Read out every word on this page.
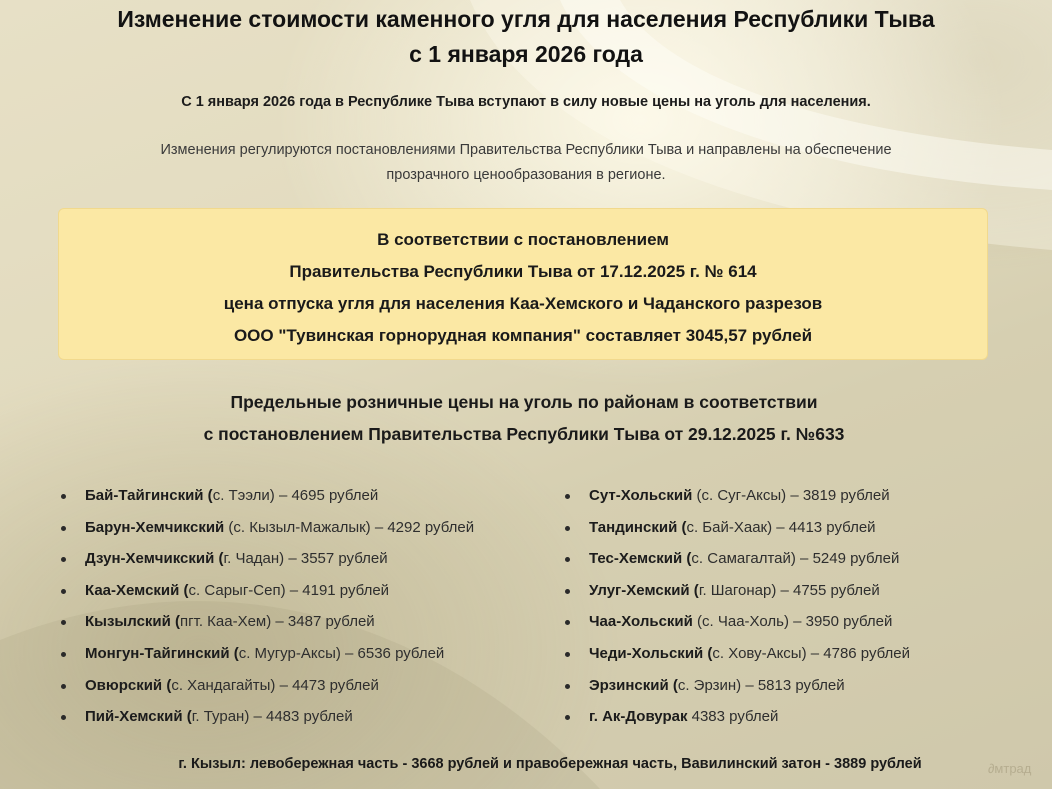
Изменение стоимости каменного угля для населения Республики Тыва
с 1 января 2026 года
С 1 января 2026 года в Республике Тыва вступают в силу новые цены на уголь для населения.
Изменения регулируются постановлениями Правительства Республики Тыва и направлены на обеспечение
прозрачного ценообразования в регионе.
В соответствии с постановлением
Правительства Республики Тыва от 17.12.2025 г. № 614
цена отпуска угля для населения Каа-Хемского и Чаданского разрезов
ООО "Тувинская горнорудная компания" составляет 3045,57 рублей
Предельные розничные цены на уголь по районам в соответствии
с постановлением Правительства Республики Тыва от 29.12.2025 г. №633
Бай-Тайгинский (с. Тээли) – 4695 рублей
Барун-Хемчикский (с. Кызыл-Мажалык) – 4292 рублей
Дзун-Хемчикский (г. Чадан) – 3557 рублей
Каа-Хемский (с. Сарыг-Сеп) – 4191 рублей
Кызылский (пгт. Каа-Хем) – 3487 рублей
Монгун-Тайгинский (с. Мугур-Аксы) – 6536 рублей
Овюрский (с. Хандагайты) – 4473 рублей
Пий-Хемский (г. Туран) – 4483 рублей
Сут-Хольский (с. Суг-Аксы) – 3819 рублей
Тандинский (с. Бай-Хаак) – 4413 рублей
Тес-Хемский (с. Самагалтай) – 5249 рублей
Улуг-Хемский (г. Шагонар) – 4755 рублей
Чаа-Хольский (с. Чаа-Холь) – 3950 рублей
Чеди-Хольский (с. Хову-Аксы) – 4786 рублей
Эрзинский (с. Эрзин) – 5813 рублей
г. Ак-Довурак 4383 рублей
г. Кызыл: левобережная часть - 3668 рублей и правобережная часть, Вавилинский затон - 3889 рублей	∂мтрад
